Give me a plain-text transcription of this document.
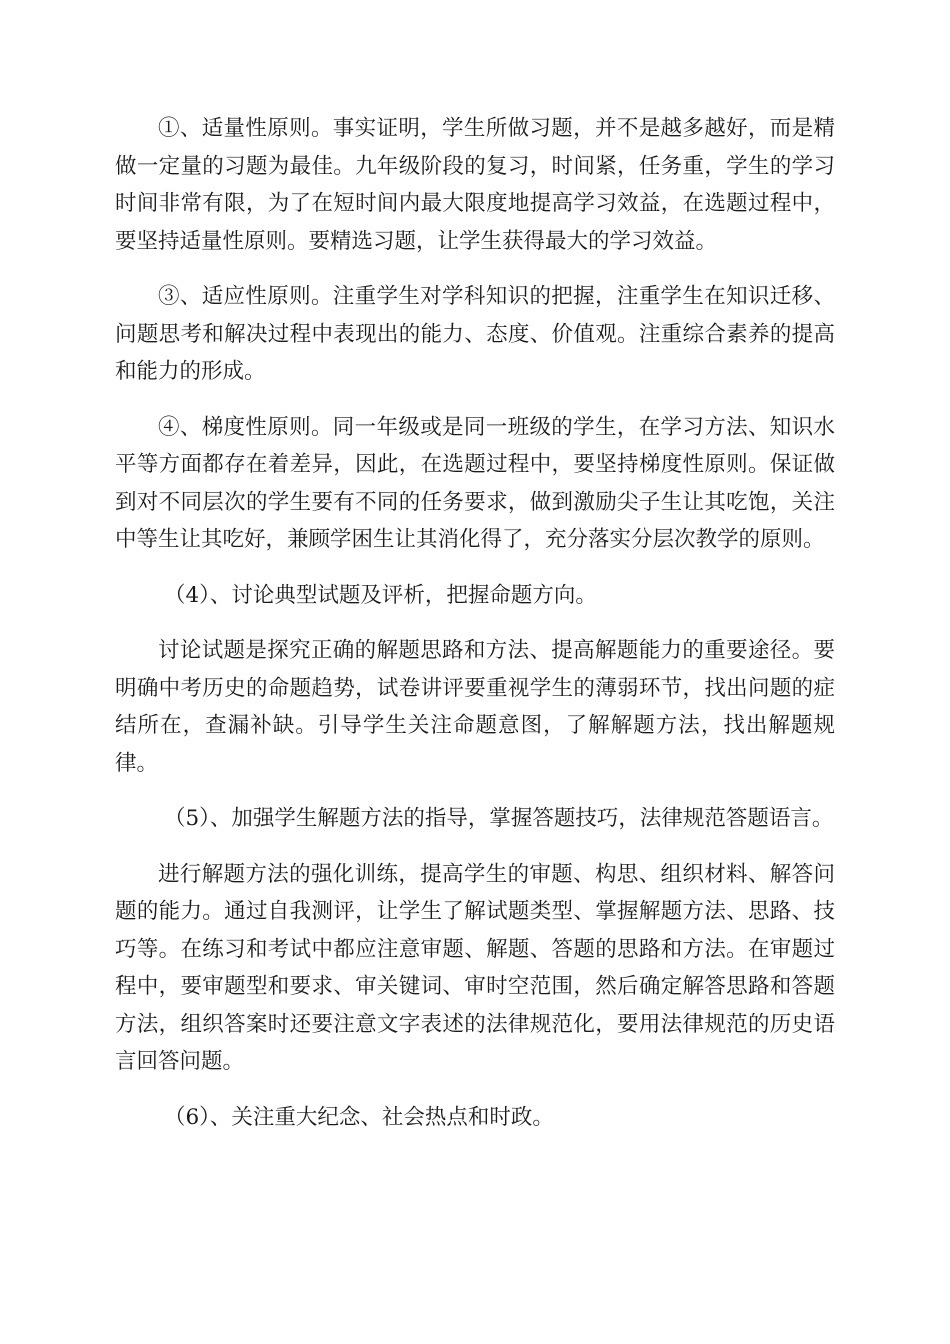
①、适量性原则。事实证明，学生所做习题，并不是越多越好，而是精做一定量的习题为最佳。九年级阶段的复习，时间紧，任务重，学生的学习时间非常有限，为了在短时间内最大限度地提高学习效益，在选题过程中，要坚持适量性原则。要精选习题，让学生获得最大的学习效益。

③、适应性原则。注重学生对学科知识的把握，注重学生在知识迁移、问题思考和解决过程中表现出的能力、态度、价值观。注重综合素养的提高和能力的形成。

④、梯度性原则。同一年级或是同一班级的学生，在学习方法、知识水平等方面都存在着差异，因此，在选题过程中，要坚持梯度性原则。保证做到对不同层次的学生要有不同的任务要求，做到激励尖子生让其吃饱，关注中等生让其吃好，兼顾学困生让其消化得了，充分落实分层次教学的原则。

（4）、讨论典型试题及评析，把握命题方向。

讨论试题是探究正确的解题思路和方法、提高解题能力的重要途径。要明确中考历史的命题趋势，试卷讲评要重视学生的薄弱环节，找出问题的症结所在，查漏补缺。引导学生关注命题意图，了解解题方法，找出解题规律。

（5）、加强学生解题方法的指导，掌握答题技巧，法律规范答题语言。

进行解题方法的强化训练，提高学生的审题、构思、组织材料、解答问题的能力。通过自我测评，让学生了解试题类型、掌握解题方法、思路、技巧等。在练习和考试中都应注意审题、解题、答题的思路和方法。在审题过程中，要审题型和要求、审关键词、审时空范围，然后确定解答思路和答题方法，组织答案时还要注意文字表述的法律规范化，要用法律规范的历史语言回答问题。

（6）、关注重大纪念、社会热点和时政。
